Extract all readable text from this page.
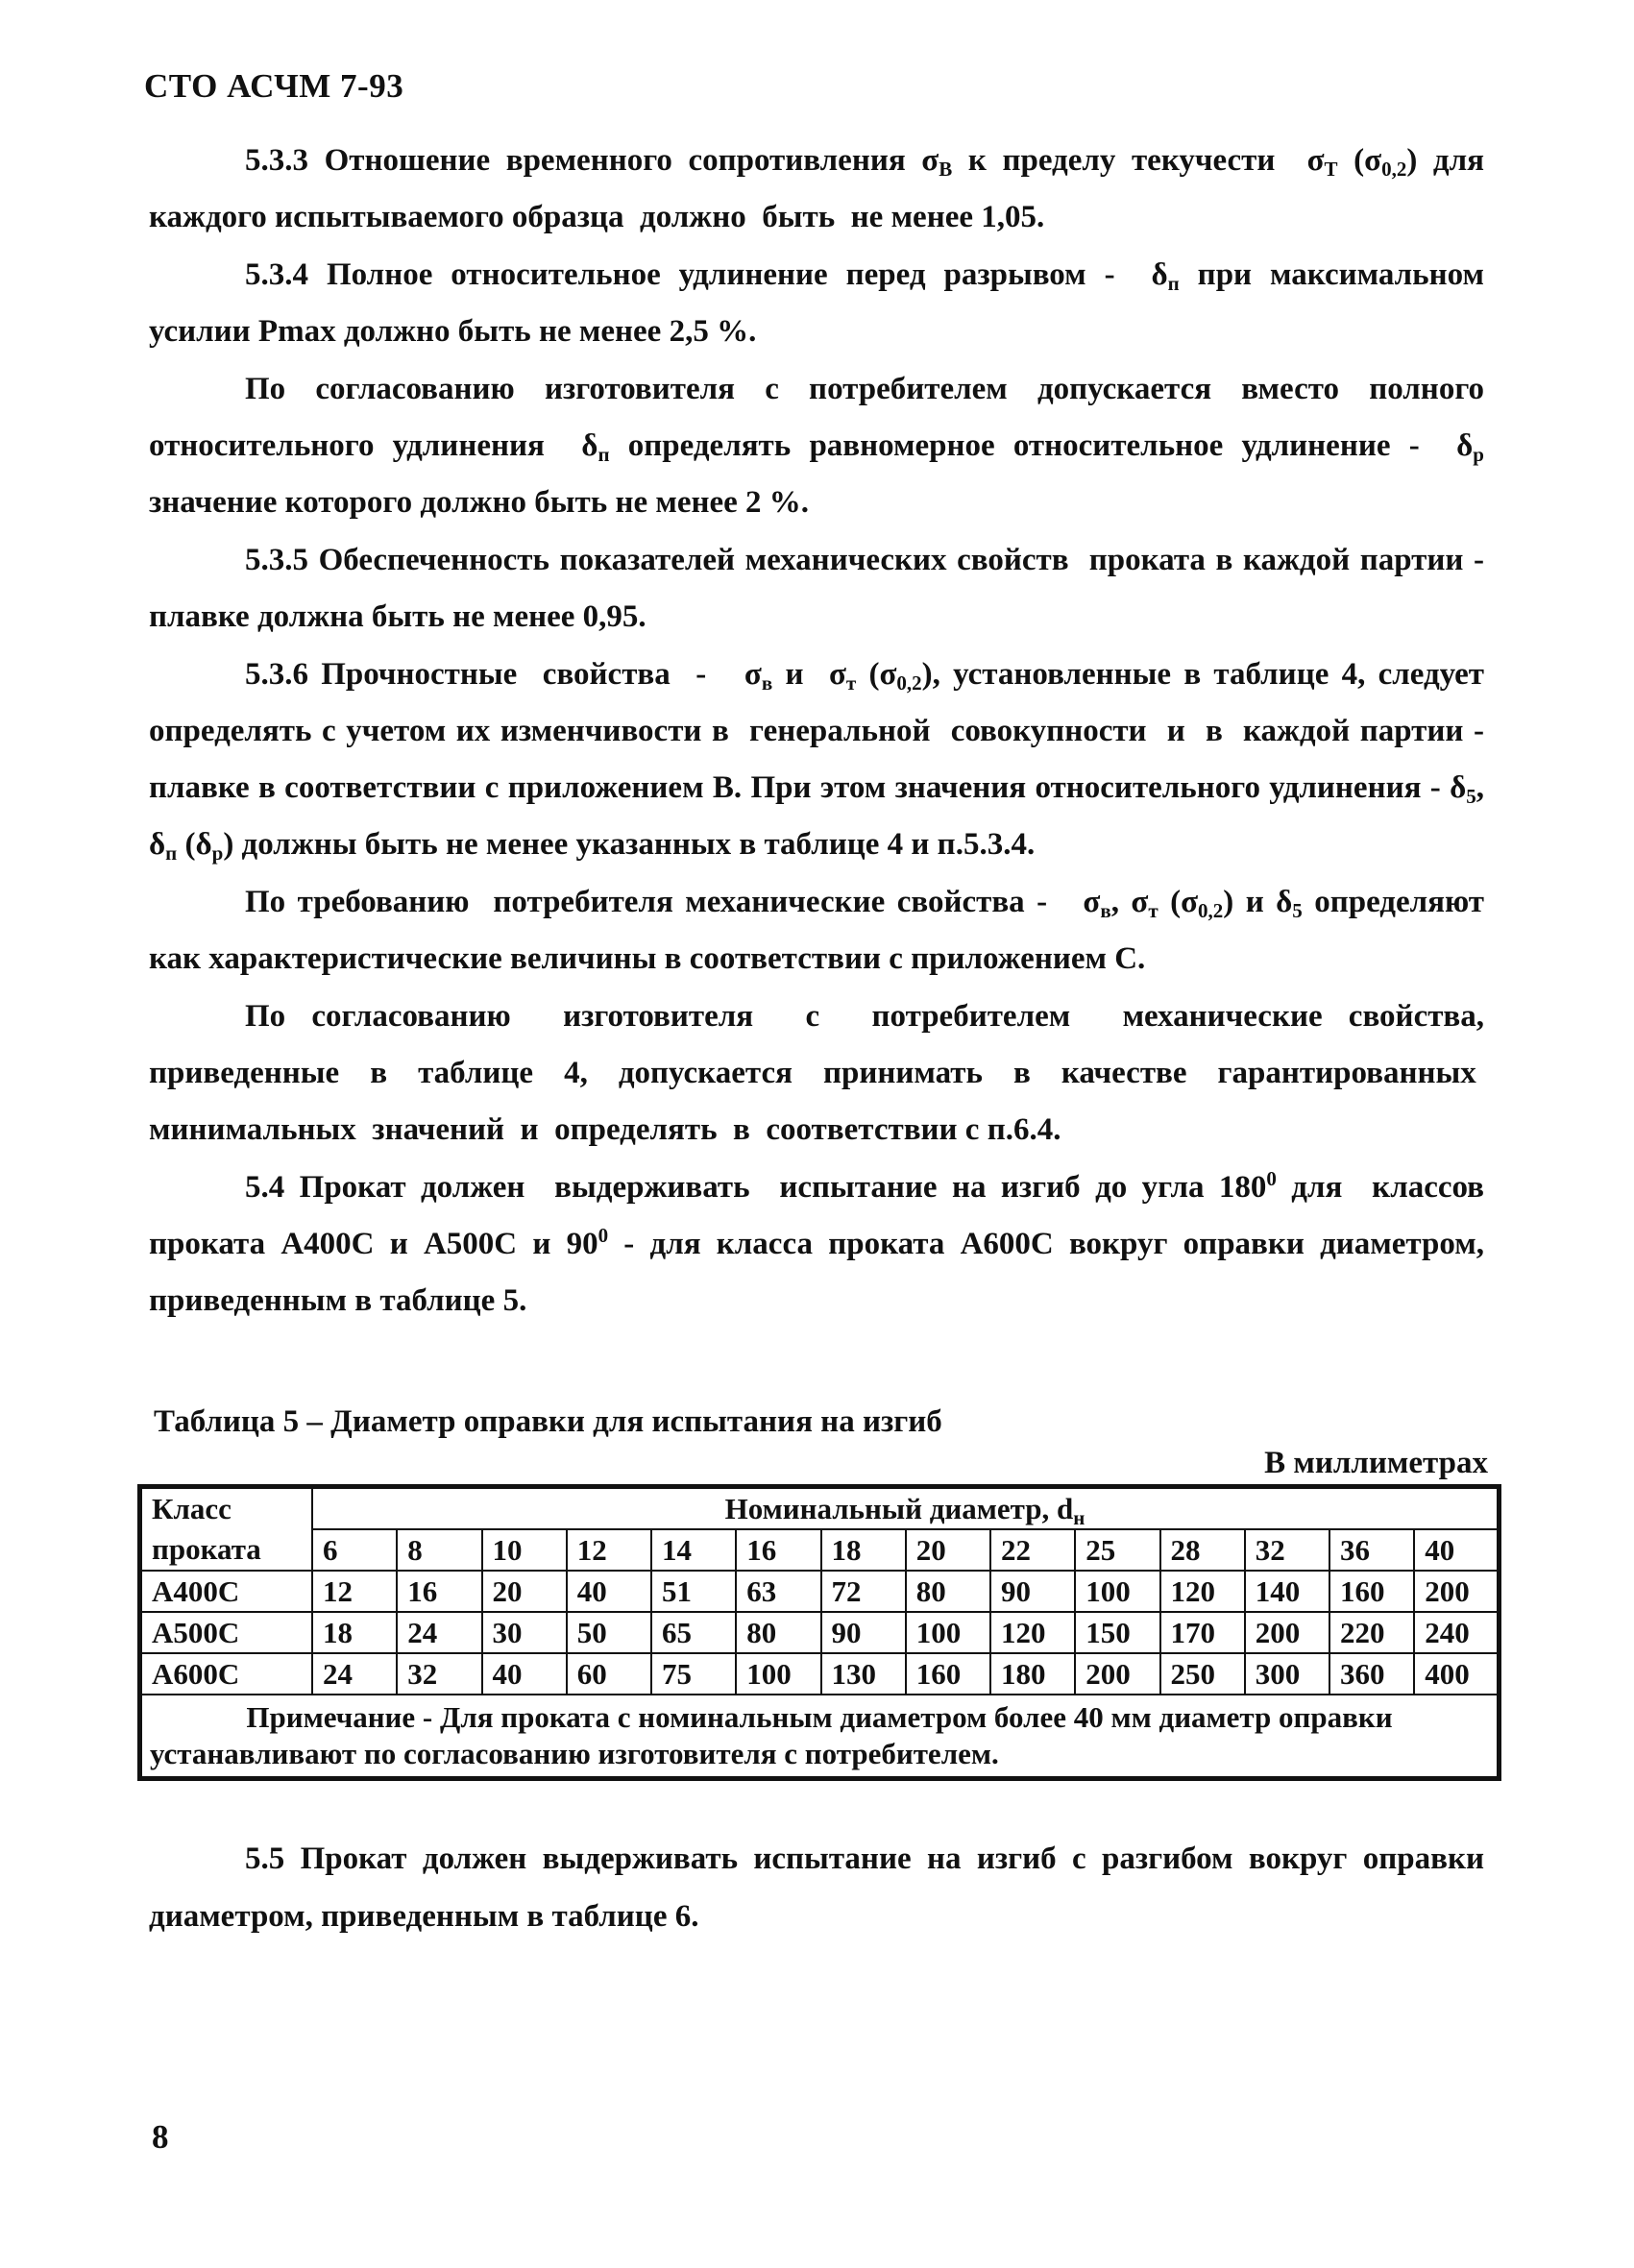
СТО АСЧМ 7-93

5.3.3 Отношение временного сопротивления $\sigma_В$ к пределу текучести  $\sigma_Т$ $(\sigma_{0,2})$ для каждого испытываемого образца  должно  быть  не менее 1,05.

5.3.4 Полное относительное удлинение перед разрывом -  $\delta_п$ при максимальном усилии Pmax должно быть не менее 2,5 %.

По согласованию изготовителя с потребителем допускается вместо полного относительного удлинения  $\delta_п$ определять равномерное относительное удлинение -  $\delta_р$ значение которого должно быть не менее 2 %.

5.3.5 Обеспеченность показателей механических свойств  проката в каждой партии - плавке должна быть не менее 0,95.

5.3.6 Прочностные  свойства  -   $\sigma_в$ и  $\sigma_т$ $(\sigma_{0,2})$, установленные в таблице 4, следует определять с учетом их изменчивости в  генеральной  совокупности  и  в  каждой партии - плавке в соответствии с приложением В. При этом значения относительного удлинения - $\delta_5$, $\delta_п$ $(\delta_р)$ должны быть не менее указанных в таблице 4 и п.5.3.4.

По требованию  потребителя механические свойства -   $\sigma_в$, $\sigma_т$ $(\sigma_{0,2})$ и $\delta_5$ определяют как характеристические величины в соответствии с приложением С.

По согласованию  изготовителя  с  потребителем  механические свойства, приведенные в таблице 4, допускается принимать в качестве гарантированных  минимальных  значений  и  определять  в  соответствии с п.6.4.

5.4 Прокат должен  выдерживать  испытание на изгиб до угла $180^0$ для  классов проката А400С и А500С и $90^0$ - для класса проката А600С вокруг оправки диаметром, приведенным в таблице 5.

Таблица 5 – Диаметр оправки для испытания на изгиб
В миллиметрах
Класс	Номинальный диаметр, $d_н$
проката	6	8	10	12	14	16	18	20	22	25	28	32	36	40
А400С	12	16	20	40	51	63	72	80	90	100	120	140	160	200
А500С	18	24	30	50	65	80	90	100	120	150	170	200	220	240
А600С	24	32	40	60	75	100	130	160	180	200	250	300	360	400
Примечание - Для проката с номинальным диаметром более 40 мм диаметр оправки
устанавливают по согласованию изготовителя с потребителем.														

5.5 Прокат должен выдерживать испытание на изгиб с разгибом вокруг оправки диаметром, приведенным в таблице 6.

8
